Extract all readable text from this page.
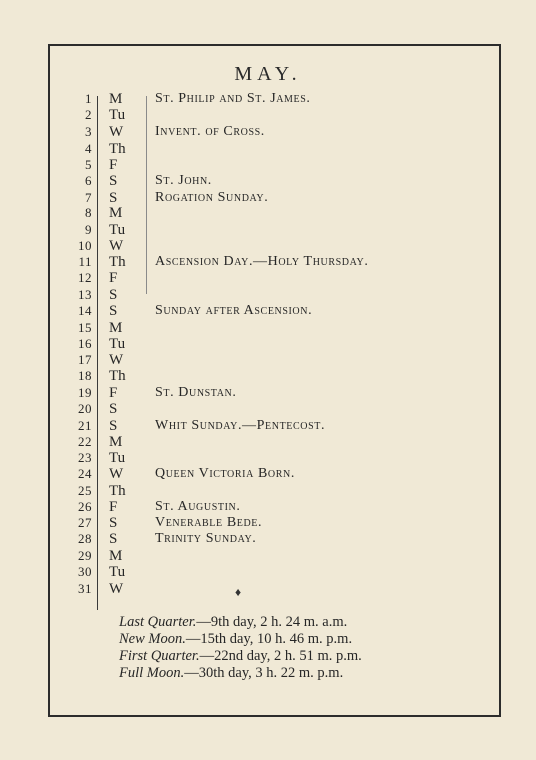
MAY.
1 M	St. Philip and St. James.
2 Tu
3 W	Invent. of Cross.
4 Th
5 F
6 S	St. John.
7 S	Rogation Sunday.
8 M
9 Tu
10 W
11 Th	Ascension Day.—Holy Thursday.
12 F
13 S
14 S	Sunday after Ascension.
15 M
16 Tu
17 W
18 Th
19 F	St. Dunstan.
20 S
21 S	Whit Sunday.—Pentecost.
22 M
23 Tu
24 W	Queen Victoria Born.
25 Th
26 F	St. Augustin.
27 S	Venerable Bede.
28 S	Trinity Sunday.
29 M
30 Tu
31 W	♦
Last Quarter.—9th day, 2 h. 24 m. a.m.
New Moon.—15th day, 10 h. 46 m. p.m.
First Quarter.—22nd day, 2 h. 51 m. p.m.
Full Moon.—30th day, 3 h. 22 m. p.m.
